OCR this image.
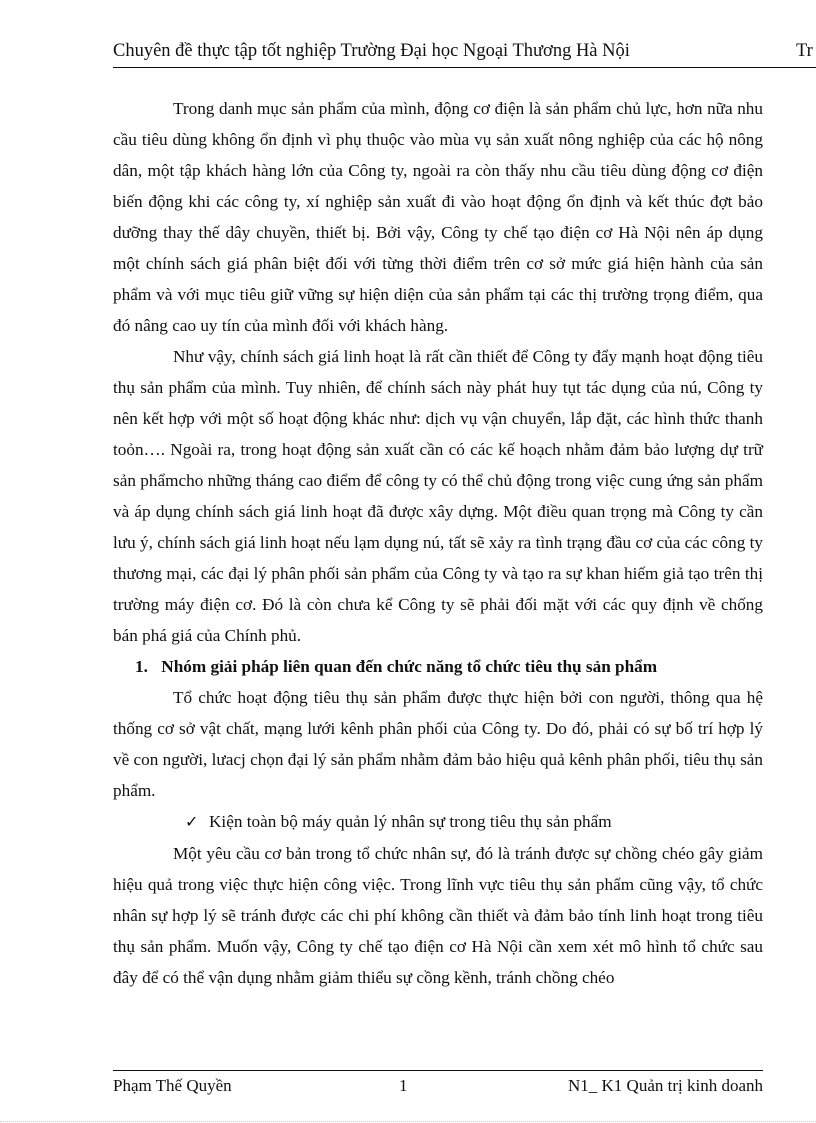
Chuyên đề thực tập tốt nghiệp Trường Đại học Ngoại Thương Hà Nội	Tr

Trong danh mục sản phẩm của mình, động cơ điện là sản phẩm chủ lực, hơn nữa nhu cầu tiêu dùng không ổn định vì phụ thuộc vào mùa vụ sản xuất nông nghiệp của các hộ nông dân, một tập khách hàng lớn của Công ty, ngoài ra còn thấy nhu cầu tiêu dùng động cơ điện biến động khi các công ty, xí nghiệp sản xuất đi vào hoạt động ổn định và kết thúc đợt bảo dưỡng thay thế dây chuyền, thiết bị. Bởi vậy, Công ty chế tạo điện cơ Hà Nội nên áp dụng một chính sách giá phân biệt đối với từng thời điểm trên cơ sở mức giá hiện hành của sản phẩm và với mục tiêu giữ vững sự hiện diện của sản phẩm tại các thị trường trọng điểm, qua đó nâng cao uy tín của mình đối với khách hàng.

Như vậy, chính sách giá linh hoạt là rất cần thiết để Công ty đẩy mạnh hoạt động tiêu thụ sản phẩm của mình. Tuy nhiên, để chính sách này phát huy tụt tác dụng của nú, Công ty nên kết hợp với một số hoạt động khác như: dịch vụ vận chuyển, lắp đặt, các hình thức thanh toỏn…. Ngoài ra, trong hoạt động sản xuất cần có các kế hoạch nhằm đảm bảo lượng dự trữ sản phẩmcho những tháng cao điểm để công ty có thể chủ động trong việc cung ứng sản phẩm và áp dụng chính sách giá linh hoạt đã được xây dựng. Một điều quan trọng mà Công ty cần lưu ý, chính sách giá linh hoạt nếu lạm dụng nú, tất sẽ xảy ra tình trạng đầu cơ của các công ty thương mại, các đại lý phân phối sản phẩm của Công ty và tạo ra sự khan hiếm giả tạo trên thị trường máy điện cơ. Đó là còn chưa kể Công ty sẽ phải đối mặt với các quy định về chống bán phá giá của Chính phủ.

1. Nhóm giải pháp liên quan đến chức năng tổ chức tiêu thụ sản phẩm

Tổ chức hoạt động tiêu thụ sản phẩm được thực hiện bởi con người, thông qua hệ thống cơ sở vật chất, mạng lưới kênh phân phối của Công ty. Do đó, phải có sự bố trí hợp lý về con người, lưacj chọn đại lý sản phẩm nhằm đảm bảo hiệu quả kênh phân phối, tiêu thụ sản phẩm.

✓ Kiện toàn bộ máy quản lý nhân sự trong tiêu thụ sản phẩm

Một yêu cầu cơ bản trong tổ chức nhân sự, đó là tránh được sự chồng chéo gây giảm hiệu quả trong việc thực hiện công việc. Trong lĩnh vực tiêu thụ sản phẩm cũng vậy, tổ chức nhân sự hợp lý sẽ tránh được các chi phí không cần thiết và đảm bảo tính linh hoạt trong tiêu thụ sản phẩm. Muốn vậy, Công ty chế tạo điện cơ Hà Nội cần xem xét mô hình tổ chức sau đây để có thể vận dụng nhằm giảm thiểu sự cồng kềnh, tránh chồng chéo

Phạm Thế Quyền	1	N1_ K1 Quản trị kinh doanh
